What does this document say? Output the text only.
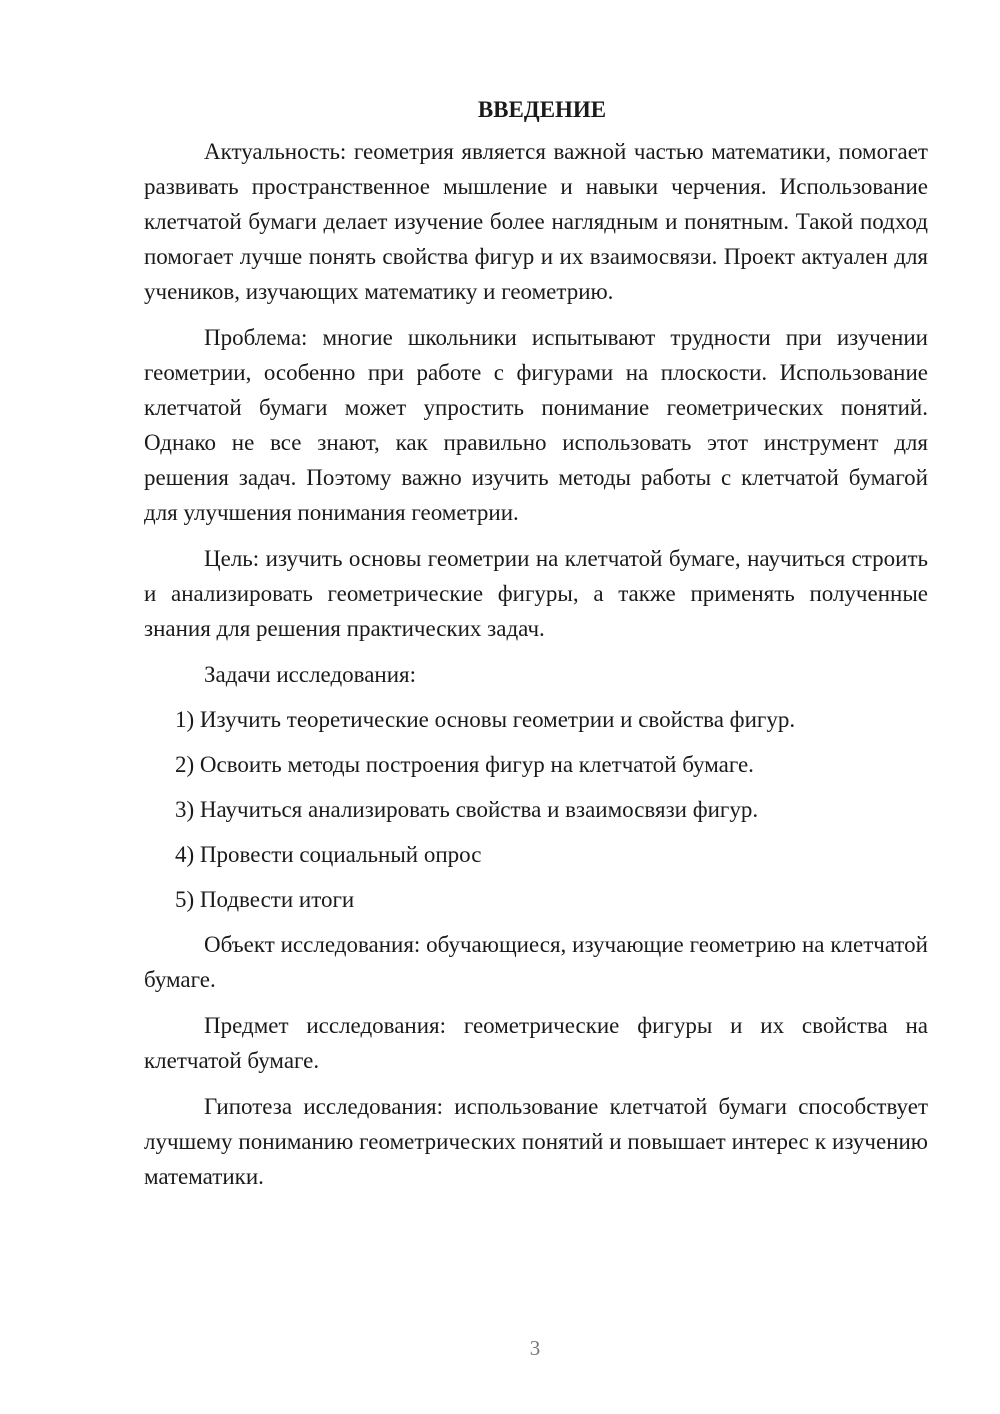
ВВЕДЕНИЕ

Актуальность: геометрия является важной частью математики, помогает развивать пространственное мышление и навыки черчения. Использование клетчатой бумаги делает изучение более наглядным и понятным. Такой подход помогает лучше понять свойства фигур и их взаимосвязи. Проект актуален для учеников, изучающих математику и геометрию.

Проблема: многие школьники испытывают трудности при изучении геометрии, особенно при работе с фигурами на плоскости. Использование клетчатой бумаги может упростить понимание геометрических понятий. Однако не все знают, как правильно использовать этот инструмент для решения задач. Поэтому важно изучить методы работы с клетчатой бумагой для улучшения понимания геометрии.

Цель: изучить основы геометрии на клетчатой бумаге, научиться строить и анализировать геометрические фигуры, а также применять полученные знания для решения практических задач.

Задачи исследования:
1) Изучить теоретические основы геометрии и свойства фигур.
2) Освоить методы построения фигур на клетчатой бумаге.
3) Научиться анализировать свойства и взаимосвязи фигур.
4) Провести социальный опрос
5) Подвести итоги

Объект исследования: обучающиеся, изучающие геометрию на клетчатой бумаге.

Предмет исследования: геометрические фигуры и их свойства на клетчатой бумаге.

Гипотеза исследования: использование клетчатой бумаги способствует лучшему пониманию геометрических понятий и повышает интерес к изучению математики.

3
